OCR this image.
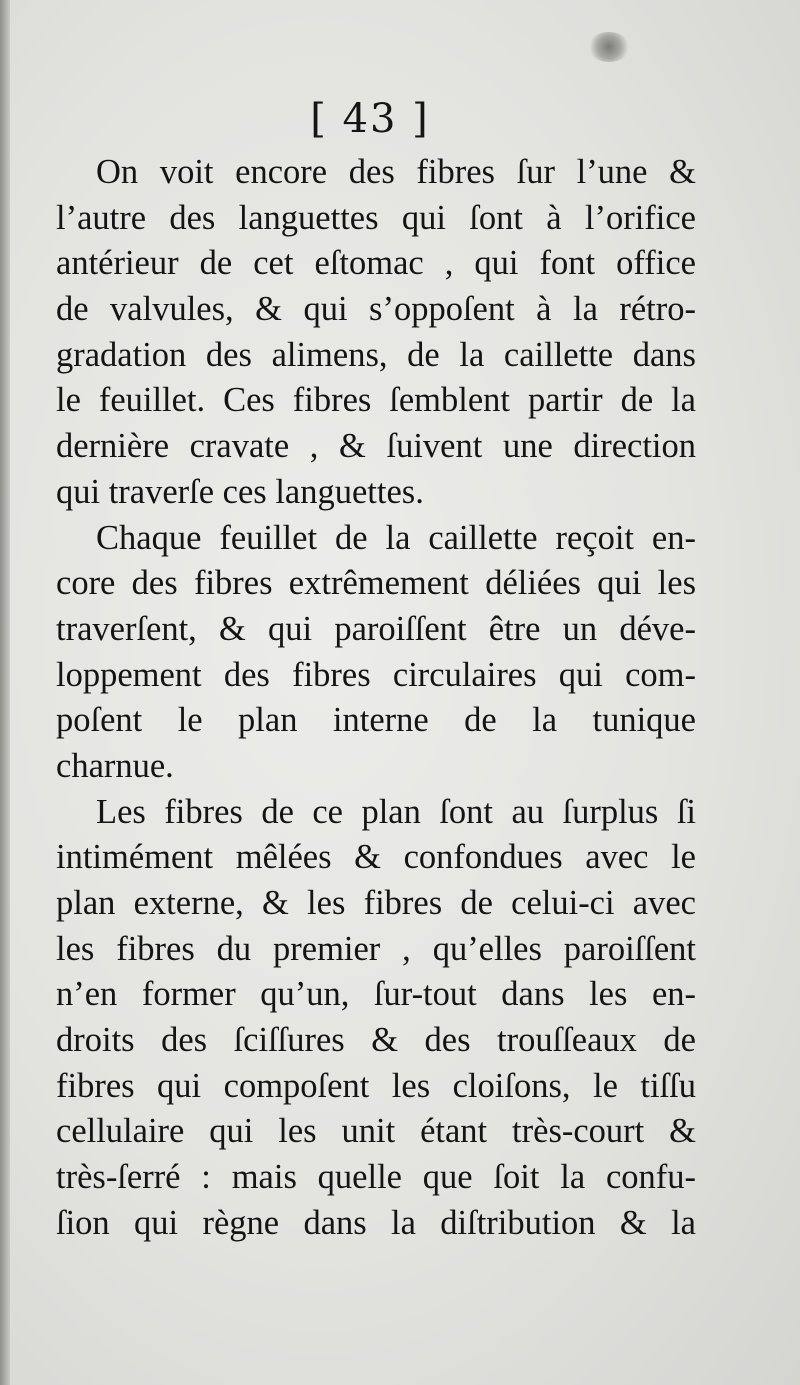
[ 43 ]
On voit encore des fibres ſur l’une &
l’autre des languettes qui ſont à l’orifice
antérieur de cet eſtomac , qui font office
de valvules, & qui s’oppoſent à la rétro-
gradation des alimens, de la caillette dans
le feuillet. Ces fibres ſemblent partir de la
dernière cravate , & ſuivent une direction
qui traverſe ces languettes.
Chaque feuillet de la caillette reçoit en-
core des fibres extrêmement déliées qui les
traverſent, & qui paroiſſent être un déve-
loppement des fibres circulaires qui com-
poſent le plan interne de la tunique
charnue.
Les fibres de ce plan ſont au ſurplus ſi
intimément mêlées & confondues avec le
plan externe, & les fibres de celui-ci avec
les fibres du premier , qu’elles paroiſſent
n’en former qu’un, ſur-tout dans les en-
droits des ſciſſures & des trouſſeaux de
fibres qui compoſent les cloiſons, le tiſſu
cellulaire qui les unit étant très-court &
très-ſerré : mais quelle que ſoit la confu-
ſion qui règne dans la diſtribution & la
